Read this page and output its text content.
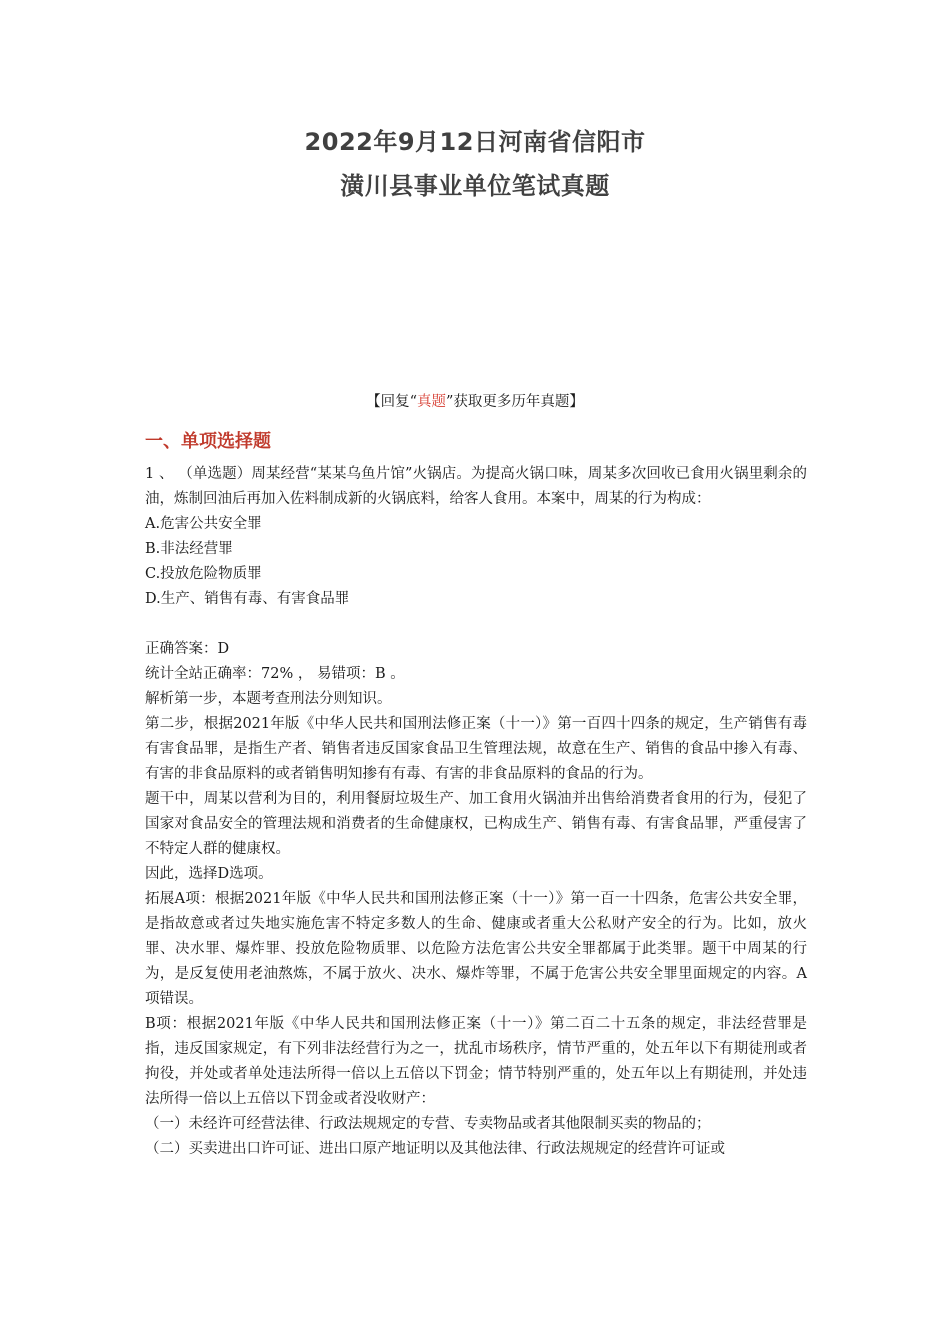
2022年9月12日河南省信阳市
潢川县事业单位笔试真题
【回复“真题”获取更多历年真题】
一、单项选择题

1 、 （单选题）周某经营“某某乌鱼片馆”火锅店。为提高火锅口味，周某多次回收已食用火锅里剩余的油，炼制回油后再加入佐料制成新的火锅底料，给客人食用。本案中，周某的行为构成：

A.危害公共安全罪

B.非法经营罪

C.投放危险物质罪

D.生产、销售有毒、有害食品罪

正确答案：D

统计全站正确率：72% ， 易错项：B 。

解析第一步，本题考查刑法分则知识。

第二步，根据2021年版《中华人民共和国刑法修正案（十一）》第一百四十四条的规定，生产销售有毒有害食品罪，是指生产者、销售者违反国家食品卫生管理法规，故意在生产、销售的食品中掺入有毒、有害的非食品原料的或者销售明知掺有有毒、有害的非食品原料的食品的行为。

题干中，周某以营利为目的，利用餐厨垃圾生产、加工食用火锅油并出售给消费者食用的行为，侵犯了国家对食品安全的管理法规和消费者的生命健康权，已构成生产、销售有毒、有害食品罪，严重侵害了不特定人群的健康权。

因此，选择D选项。

拓展A项：根据2021年版《中华人民共和国刑法修正案（十一）》第一百一十四条，危害公共安全罪，是指故意或者过失地实施危害不特定多数人的生命、健康或者重大公私财产安全的行为。比如，放火罪、决水罪、爆炸罪、投放危险物质罪、以危险方法危害公共安全罪都属于此类罪。题干中周某的行为，是反复使用老油熬炼，不属于放火、决水、爆炸等罪，不属于危害公共安全罪里面规定的内容。A项错误。

B项：根据2021年版《中华人民共和国刑法修正案（十一）》第二百二十五条的规定，非法经营罪是指，违反国家规定，有下列非法经营行为之一，扰乱市场秩序，情节严重的，处五年以下有期徒刑或者拘役，并处或者单处违法所得一倍以上五倍以下罚金；情节特别严重的，处五年以上有期徒刑，并处违法所得一倍以上五倍以下罚金或者没收财产：

（一）未经许可经营法律、行政法规规定的专营、专卖物品或者其他限制买卖的物品的；

（二）买卖进出口许可证、进出口原产地证明以及其他法律、行政法规规定的经营许可证或
